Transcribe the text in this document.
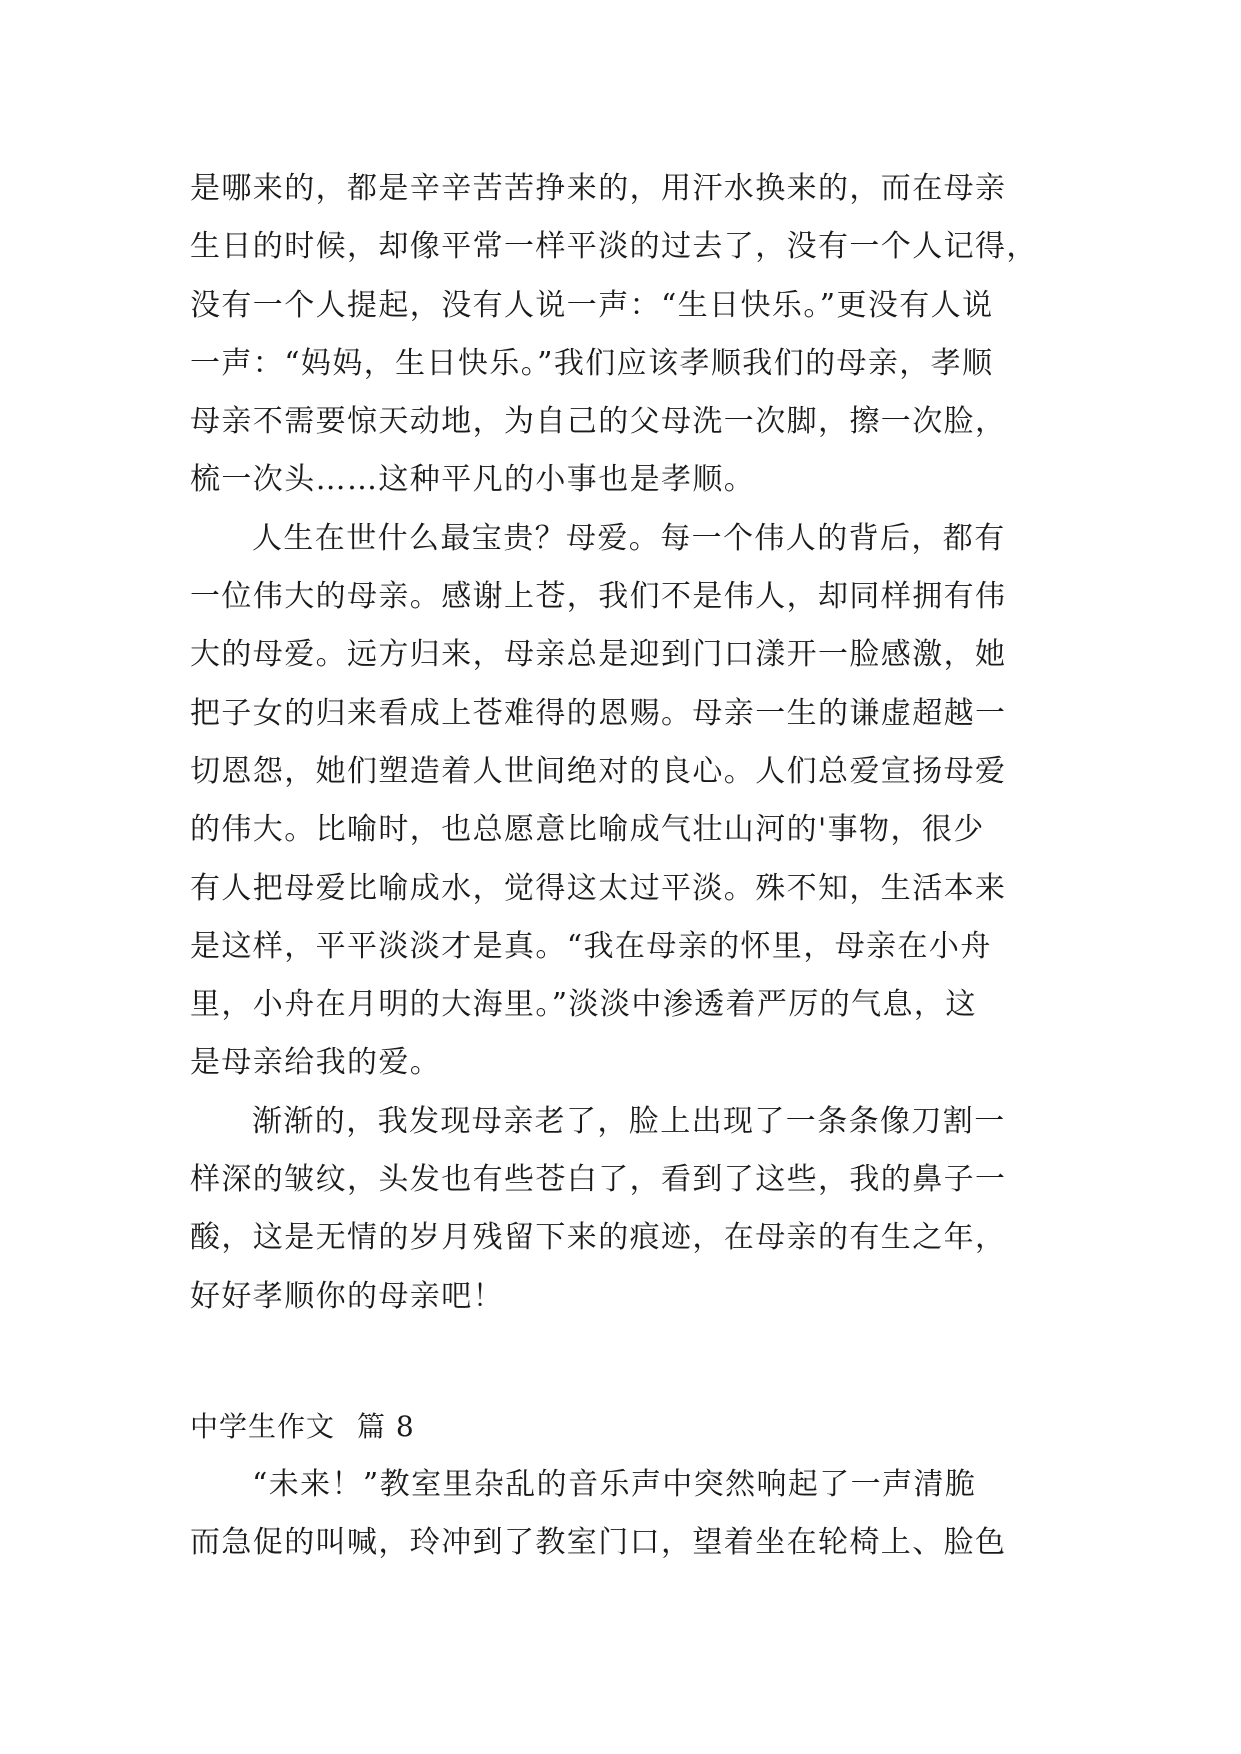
是哪来的，都是辛辛苦苦挣来的，用汗水换来的，而在母亲
生日的时候，却像平常一样平淡的过去了，没有一个人记得，
没有一个人提起，没有人说一声：“生日快乐。”更没有人说
一声：“妈妈，生日快乐。”我们应该孝顺我们的母亲，孝顺
母亲不需要惊天动地，为自己的父母洗一次脚，擦一次脸，
梳一次头……这种平凡的小事也是孝顺。
人生在世什么最宝贵？母爱。每一个伟人的背后，都有
一位伟大的母亲。感谢上苍，我们不是伟人，却同样拥有伟
大的母爱。远方归来，母亲总是迎到门口漾开一脸感激，她
把子女的归来看成上苍难得的恩赐。母亲一生的谦虚超越一
切恩怨，她们塑造着人世间绝对的良心。人们总爱宣扬母爱
的伟大。比喻时，也总愿意比喻成气壮山河的'事物，很少
有人把母爱比喻成水，觉得这太过平淡。殊不知，生活本来
是这样，平平淡淡才是真。“我在母亲的怀里，母亲在小舟
里，小舟在月明的大海里。”淡淡中渗透着严厉的气息，这
是母亲给我的爱。
渐渐的，我发现母亲老了，脸上出现了一条条像刀割一
样深的皱纹，头发也有些苍白了，看到了这些，我的鼻子一
酸，这是无情的岁月残留下来的痕迹，在母亲的有生之年，
好好孝顺你的母亲吧！
中学生作文 篇 8
“未来！”教室里杂乱的音乐声中突然响起了一声清脆
而急促的叫喊，玲冲到了教室门口，望着坐在轮椅上、脸色
